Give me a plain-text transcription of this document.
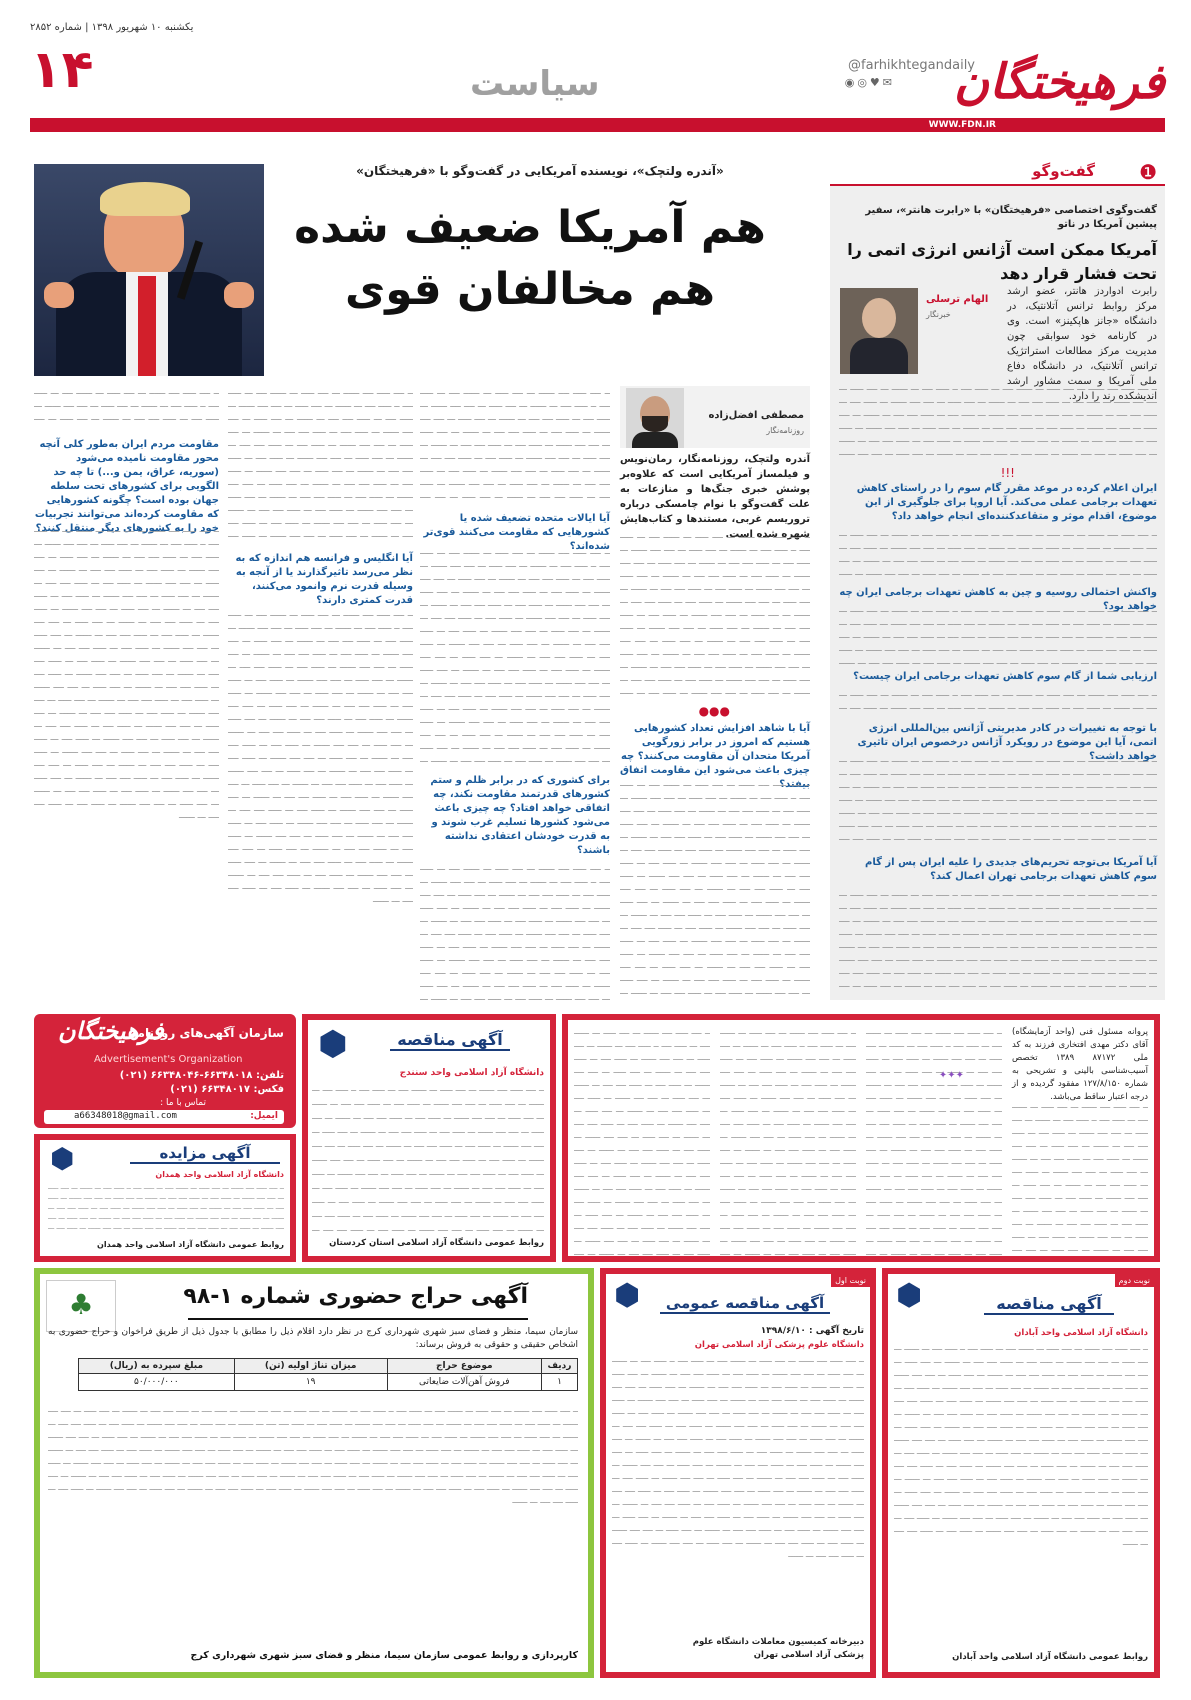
یکشنبه ۱۰ شهریور ۱۳۹۸ | شماره ۲۸۵۲
۱۴	سیاست	فرهیختگان
@farhikhtegandaily
◉◎♥✉
WWW.FDN.IR
گفت‌وگو ❶
گفت‌وگوی اختصاصی «فرهیختگان» با «رابرت هانتر»، سفیر پیشین آمریکا در ناتو
آمریکا ممکن است آژانس انرژی اتمی را تحت فشار قرار دهد
الهام ترسلی
خبرنگار
رابرت ادواردز هانتر، عضو ارشد مرکز روابط ترانس آتلانتیک، در دانشگاه «جانز هاپکینز» است. وی در کارنامه خود سوابقی چون مدیریت مرکز مطالعات استراتژیک ترانس آتلانتیک، در دانشگاه دفاع ملی آمریکا و سمت مشاور ارشد اندیشکده رند را دارد.
ــ ــــ ـــــ ــــ ــــــ ـــ ــــ ـــــ ـــ ــــــ ــــ ـــ ـــــ ــــ ــ ـــــ ــــ ـــ ــــــ ـــ ــــ ـــــ ـــ ــــ ــــ ــــــ ـــ ـــــ ــــ ـــ ـــــ ــــ ــــ ـــ ــــــ ـــ ــــ ـــــ ـــ ــــ ــــ ــــــ ـــ ـــــ ــــ ـــ ـــــ ــــ ــــ ـــ ــــــ ـــ ــــ ـــــ ـــ ــــ ــــ ــــــ ـــ ـــــ ــــ ـــ ـــــ ــــ ــــ ـــ ــــــ ـــ ــــ ـــــ ـــ ــــ ــــ ــــــ ـــ ـــــ ــــ ـــ ـــــ ــــ ــــ ـــ ــــــ ـــ ــــ ـــــ ـــ ــــ ــــ ــــــ ـــ ـــــ ــــ ـــ ـــــ ــــ ــــ ـــ ــــــ ـــ ــــ ـــــ ـــ ــــ ــــ ــــــ ـــ ـــــ ــــ ـــ ـــــ ــــ ــــ ـــ ــــــ ـــ ــــ ـــــ ـــ ــــ ــــ ــــــ ـــ ـــــ ــــ ـــ ـــــ ــــ ــــ ـــ ــــــ ـــ ــــ ـــــ ـــ ــــ ــــ ــــــ ـــ ـــــ ــــ ـــ ـــــ ــــ ــــ ـــ ــــــ ـــ ــــ ـــــ ـــ ــــ ــــ ــــــ ـــ ـــــ ــــ ـــ ـــــ ــــ ــــ ـــ ــــــ ـــ ــــ ـــــ ـــ ــــ ــــ ــــــ ـــ ـــــ ــــ ـــ ـــــ ــــ ــــ ـــ ــــــ ـــ ــــ ـــــ ـــ ــــ ــــ ــــــ ـــ ـــــ ــــ ـــ ـــــ ــــ ــــ ـــ ــــــ ـــ ــــ ـــــ ـــ ــــ ــــ ــــــ ـــ ـــــ ــــ ـــ ـــــ ــــ ــــ ـــ ــــــ ـــ ــــ ـــــ ـــ ــــ ــــ ــــــ ـــ ـــــ ــــ ـــ ـــــ ــــ ــــ ـــ ــــــ ـــ ــــ ـــــ ـــ ــــ ــــ ــــــ ـــ ـــــ ــــ ـــ ـــــ ــــ ــــ ـــ ــــــ ـــ ــــ ـــــ ـــ ــــ ــــ ــــــ ـــ ـــــ ــــ ـــ ـــــ ــــ ــــ ـــ ــــــ ـــ ــــ ـــــ ـــ ــــ ــــ ــــــ ـــ ـــــ ــــ ـــ ـــــ ــــ ــــ ـــ ــــــ ـــ ــــ ـــــ ـــ ــــ ــــ ــــــ ـــ ـــــ ــــ ـــ ـــــ ــــ ــــ ـــ ــــــ
!!!
ایران اعلام کرده در موعد مقرر گام سوم را در راستای کاهش تعهدات برجامی عملی می‌کند. آیا اروپا برای جلوگیری از این موضوع، اقدام موثر و متقاعدکننده‌ای انجام خواهد داد؟
ــ ــــ ـــــ ــــ ــــــ ـــ ــــ ـــــ ـــ ــــــ ــــ ـــ ـــــ ــــ ــ ـــــ ــــ ـــ ــــــ ـــ ــــ ـــــ ـــ ــــ ــــ ــــــ ـــ ـــــ ــــ ـــ ـــــ ــــ ــــ ـــ ــــــ ـــ ــــ ـــــ ـــ ــــ ــــ ــــــ ـــ ـــــ ــــ ـــ ـــــ ــــ ــــ ـــ ــــــ ـــ ــــ ـــــ ـــ ــــ ــــ ــــــ ـــ ـــــ ــــ ـــ ـــــ ــــ ــــ ـــ ــــــ ـــ ــــ ـــــ ـــ ــــ ــــ ــــــ ـــ ـــــ ــــ ـــ ـــــ ــــ ــــ ـــ ــــــ ـــ ــــ ـــــ ـــ ــــ ــــ ــــــ ـــ ـــــ ــــ ـــ ـــــ ــــ ــــ ـــ ــــــ ـــ ــــ ـــــ ـــ ــــ ــــ ــــــ ـــ ـــــ ــــ ـــ ـــــ ــــ ــــ ـــ ــــــ ـــ ــــ ـــــ ـــ ــــ ــــ ــــــ ـــ ـــــ ــــ ـــ ـــــ ــــ ــــ ـــ ــــــ ـــ ــــ ـــــ ـــ ــــ ــــ ــــــ ـــ ـــــ ــــ ـــ ـــــ ــــ ــــ ـــ ــــــ ـــ ــــ ـــــ ـــ ــــ ــــ ــــــ ـــ ـــــ ــــ ـــ ـــــ ــــ ــــ ـــ ــــــ ـــ ــــ ـــــ ـــ ــــ ــــ ــــــ ـــ ـــــ ــــ ـــ ـــــ ــــ ــــ ـــ ــــــ ـــ ــــ ـــــ ـــ ــــ ــــ ــــــ ـــ ـــــ ــــ ـــ ـــــ ــــ ــــ ـــ ــــــ ـــ ــــ ـــــ ـــ ــــ ــــ ــــــ ـــ ـــــ ــــ ـــ ـــــ ــــ ــــ ـــ ــــــ ـــ ــــ ـــــ ـــ ــــ ــــ ــــــ ـــ ـــــ ــــ ـــ ـــــ ــــ ــــ ـــ ــــــ ـــ ــــ ـــــ ـــ ــــ ــــ ــــــ ـــ ـــــ ــــ ـــ ـــــ ــــ ــــ ـــ ــــــ ـــ ــــ ـــــ ـــ ــــ ــــ ــــــ ـــ ـــــ ــــ ـــ ـــــ ــــ ــــ ـــ ــــــ ـــ ــــ ـــــ ـــ ــــ ــــ ــــــ ـــ ـــــ ــــ ـــ ـــــ ــــ ــــ ـــ ــــــ ـــ ــــ ـــــ ـــ ــــ ــــ ــــــ ـــ ـــــ ــــ ـــ ـــــ ــــ ــــ ـــ ــــــ
واکنش احتمالی روسیه و چین به کاهش تعهدات برجامی ایران چه خواهد بود؟
ــ ــــ ـــــ ــــ ــــــ ـــ ــــ ـــــ ـــ ــــــ ــــ ـــ ـــــ ــــ ــ ـــــ ــــ ـــ ــــــ ـــ ــــ ـــــ ـــ ــــ ــــ ــــــ ـــ ـــــ ــــ ـــ ـــــ ــــ ــــ ـــ ــــــ ـــ ــــ ـــــ ـــ ــــ ــــ ــــــ ـــ ـــــ ــــ ـــ ـــــ ــــ ــــ ـــ ــــــ ـــ ــــ ـــــ ـــ ــــ ــــ ــــــ ـــ ـــــ ــــ ـــ ـــــ ــــ ــــ ـــ ــــــ ـــ ــــ ـــــ ـــ ــــ ــــ ــــــ ـــ ـــــ ــــ ـــ ـــــ ــــ ــــ ـــ ــــــ ـــ ــــ ـــــ ـــ ــــ ــــ ــــــ ـــ ـــــ ــــ ـــ ـــــ ــــ ــــ ـــ ــــــ ـــ ــــ ـــــ ـــ ــــ ــــ ــــــ ـــ ـــــ ــــ ـــ ـــــ ــــ ــــ ـــ ــــــ ـــ ــــ ـــــ ـــ ــــ ــــ ــــــ ـــ ـــــ ــــ ـــ ـــــ ــــ ــــ ـــ ــــــ ـــ ــــ ـــــ ـــ ــــ ــــ ــــــ ـــ ـــــ ــــ ـــ ـــــ ــــ ــــ ـــ ــــــ ـــ ــــ ـــــ ـــ ــــ ــــ ــــــ ـــ ـــــ ــــ ـــ ـــــ ــــ ــــ ـــ ــــــ ـــ ــــ ـــــ ـــ ــــ ــــ ــــــ ـــ ـــــ ــــ ـــ ـــــ ــــ ــــ ـــ ــــــ ـــ ــــ ـــــ ـــ ــــ ــــ ــــــ ـــ ـــــ ــــ ـــ ـــــ ــــ ــــ ـــ ــــــ ـــ ــــ ـــــ ـــ ــــ ــــ ــــــ ـــ ـــــ ــــ ـــ ـــــ ــــ ــــ ـــ ــــــ ـــ ــــ ـــــ ـــ ــــ ــــ ــــــ ـــ ـــــ ــــ ـــ ـــــ ــــ ــــ ـــ ــــــ ـــ ــــ ـــــ ـــ ــــ ــــ ــــــ ـــ ـــــ ــــ ـــ ـــــ ــــ ــــ ـــ ــــــ ـــ ــــ ـــــ ـــ ــــ ــــ ــــــ ـــ ـــــ ــــ ـــ ـــــ ــــ ــــ ـــ ــــــ ـــ ــــ ـــــ ـــ ــــ ــــ ــــــ ـــ ـــــ ــــ ـــ ـــــ ــــ ــــ ـــ ــــــ ـــ ــــ ـــــ ـــ ــــ ــــ ــــــ ـــ ـــــ ــــ ـــ ـــــ ــــ ــــ ـــ ــــــ
ارزیابی شما از گام سوم کاهش تعهدات برجامی ایران چیست؟
ــ ــــ ـــــ ــــ ــــــ ـــ ــــ ـــــ ـــ ــــــ ــــ ـــ ـــــ ــــ ــ ـــــ ــــ ـــ ــــــ ـــ ــــ ـــــ ـــ ــــ ــــ ــــــ ـــ ـــــ ــــ ـــ ـــــ ــــ ــــ ـــ ــــــ ـــ ــــ ـــــ ـــ ــــ ــــ ــــــ ـــ ـــــ ــــ ـــ ـــــ ــــ ــــ ـــ ــــــ ـــ ــــ ـــــ ـــ ــــ ــــ ــــــ ـــ ـــــ ــــ ـــ ـــــ ــــ ــــ ـــ ــــــ ـــ ــــ ـــــ ـــ ــــ ــــ ــــــ ـــ ـــــ ــــ ـــ ـــــ ــــ ــــ ـــ ــــــ ـــ ــــ ـــــ ـــ ــــ ــــ ــــــ ـــ ـــــ ــــ ـــ ـــــ ــــ ــــ ـــ ــــــ ـــ ــــ ـــــ ـــ ــــ ــــ ــــــ ـــ ـــــ ــــ ـــ ـــــ ــــ ــــ ـــ ــــــ ـــ ــــ ـــــ ـــ ــــ ــــ ــــــ ـــ ـــــ ــــ ـــ ـــــ ــــ ــــ ـــ ــــــ ـــ ــــ ـــــ ـــ ــــ ــــ ــــــ ـــ ـــــ ــــ ـــ ـــــ ــــ ــــ ـــ ــــــ ـــ ــــ ـــــ ـــ ــــ ــــ ــــــ ـــ ـــــ ــــ ـــ ـــــ ــــ ــــ ـــ ــــــ ـــ ــــ ـــــ ـــ ــــ ــــ ــــــ ـــ ـــــ ــــ ـــ ـــــ ــــ ــــ ـــ ــــــ ـــ ــــ ـــــ ـــ ــــ ــــ ــــــ ـــ ـــــ ــــ ـــ ـــــ ــــ ــــ ـــ ــــــ ـــ ــــ ـــــ ـــ ــــ ــــ ــــــ ـــ ـــــ ــــ ـــ ـــــ ــــ ــــ ـــ ــــــ ـــ ــــ ـــــ ـــ ــــ ــــ ــــــ ـــ ـــــ ــــ ـــ ـــــ ــــ ــــ ـــ ــــــ ـــ ــــ ـــــ ـــ ــــ ــــ ــــــ ـــ ـــــ ــــ ـــ ـــــ ــــ ــــ ـــ ــــــ ـــ ــــ ـــــ ـــ ــــ ــــ ــــــ ـــ ـــــ ــــ ـــ ـــــ ــــ ــــ ـــ ــــــ ـــ ــــ ـــــ ـــ ــــ ــــ ــــــ ـــ ـــــ ــــ ـــ ـــــ ــــ ــــ ـــ ــــــ ـــ ــــ ـــــ ـــ ــــ ــــ ــــــ ـــ ـــــ ــــ ـــ ـــــ ــــ ــــ ـــ ــــــ
با توجه به تغییرات در کادر مدیریتی آژانس بین‌المللی انرژی اتمی، آیا این موضوع در رویکرد آژانس درخصوص ایران تاثیری خواهد داشت؟
ــ ــــ ـــــ ــــ ــــــ ـــ ــــ ـــــ ـــ ــــــ ــــ ـــ ـــــ ــــ ــ ـــــ ــــ ـــ ــــــ ـــ ــــ ـــــ ـــ ــــ ــــ ــــــ ـــ ـــــ ــــ ـــ ـــــ ــــ ــــ ـــ ــــــ ـــ ــــ ـــــ ـــ ــــ ــــ ــــــ ـــ ـــــ ــــ ـــ ـــــ ــــ ــــ ـــ ــــــ ـــ ــــ ـــــ ـــ ــــ ــــ ــــــ ـــ ـــــ ــــ ـــ ـــــ ــــ ــــ ـــ ــــــ ـــ ــــ ـــــ ـــ ــــ ــــ ــــــ ـــ ـــــ ــــ ـــ ـــــ ــــ ــــ ـــ ــــــ ـــ ــــ ـــــ ـــ ــــ ــــ ــــــ ـــ ـــــ ــــ ـــ ـــــ ــــ ــــ ـــ ــــــ ـــ ــــ ـــــ ـــ ــــ ــــ ــــــ ـــ ـــــ ــــ ـــ ـــــ ــــ ــــ ـــ ــــــ ـــ ــــ ـــــ ـــ ــــ ــــ ــــــ ـــ ـــــ ــــ ـــ ـــــ ــــ ــــ ـــ ــــــ ـــ ــــ ـــــ ـــ ــــ ــــ ــــــ ـــ ـــــ ــــ ـــ ـــــ ــــ ــــ ـــ ــــــ ـــ ــــ ـــــ ـــ ــــ ــــ ــــــ ـــ ـــــ ــــ ـــ ـــــ ــــ ــــ ـــ ــــــ ـــ ــــ ـــــ ـــ ــــ ــــ ــــــ ـــ ـــــ ــــ ـــ ـــــ ــــ ــــ ـــ ــــــ ـــ ــــ ـــــ ـــ ــــ ــــ ــــــ ـــ ـــــ ــــ ـــ ـــــ ــــ ــــ ـــ ــــــ ـــ ــــ ـــــ ـــ ــــ ــــ ــــــ ـــ ـــــ ــــ ـــ ـــــ ــــ ــــ ـــ ــــــ ـــ ــــ ـــــ ـــ ــــ ــــ ــــــ ـــ ـــــ ــــ ـــ ـــــ ــــ ــــ ـــ ــــــ ـــ ــــ ـــــ ـــ ــــ ــــ ــــــ ـــ ـــــ ــــ ـــ ـــــ ــــ ــــ ـــ ــــــ ـــ ــــ ـــــ ـــ ــــ ــــ ــــــ ـــ ـــــ ــــ ـــ ـــــ ــــ ــــ ـــ ــــــ ـــ ــــ ـــــ ـــ ــــ ــــ ــــــ ـــ ـــــ ــــ ـــ ـــــ ــــ ــــ ـــ ــــــ ـــ ــــ ـــــ ـــ ــــ ــــ ــــــ ـــ ـــــ ــــ ـــ ـــــ ــــ ــــ ـــ ــــــ
آیا آمریکا بی‌توجه تحریم‌های جدیدی را علیه ایران پس از گام سوم کاهش تعهدات برجامی تهران اعمال کند؟
ــ ــــ ـــــ ــــ ــــــ ـــ ــــ ـــــ ـــ ــــــ ــــ ـــ ـــــ ــــ ــ ـــــ ــــ ـــ ــــــ ـــ ــــ ـــــ ـــ ــــ ــــ ــــــ ـــ ـــــ ــــ ـــ ـــــ ــــ ــــ ـــ ــــــ ـــ ــــ ـــــ ـــ ــــ ــــ ــــــ ـــ ـــــ ــــ ـــ ـــــ ــــ ــــ ـــ ــــــ ـــ ــــ ـــــ ـــ ــــ ــــ ــــــ ـــ ـــــ ــــ ـــ ـــــ ــــ ــــ ـــ ــــــ ـــ ــــ ـــــ ـــ ــــ ــــ ــــــ ـــ ـــــ ــــ ـــ ـــــ ــــ ــــ ـــ ــــــ ـــ ــــ ـــــ ـــ ــــ ــــ ــــــ ـــ ـــــ ــــ ـــ ـــــ ــــ ــــ ـــ ــــــ ـــ ــــ ـــــ ـــ ــــ ــــ ــــــ ـــ ـــــ ــــ ـــ ـــــ ــــ ــــ ـــ ــــــ ـــ ــــ ـــــ ـــ ــــ ــــ ــــــ ـــ ـــــ ــــ ـــ ـــــ ــــ ــــ ـــ ــــــ ـــ ــــ ـــــ ـــ ــــ ــــ ــــــ ـــ ـــــ ــــ ـــ ـــــ ــــ ــــ ـــ ــــــ ـــ ــــ ـــــ ـــ ــــ ــــ ــــــ ـــ ـــــ ــــ ـــ ـــــ ــــ ــــ ـــ ــــــ ـــ ــــ ـــــ ـــ ــــ ــــ ــــــ ـــ ـــــ ــــ ـــ ـــــ ــــ ــــ ـــ ــــــ ـــ ــــ ـــــ ـــ ــــ ــــ ــــــ ـــ ـــــ ــــ ـــ ـــــ ــــ ــــ ـــ ــــــ ـــ ــــ ـــــ ـــ ــــ ــــ ــــــ ـــ ـــــ ــــ ـــ ـــــ ــــ ــــ ـــ ــــــ ـــ ــــ ـــــ ـــ ــــ ــــ ــــــ ـــ ـــــ ــــ ـــ ـــــ ــــ ــــ ـــ ــــــ ـــ ــــ ـــــ ـــ ــــ ــــ ــــــ ـــ ـــــ ــــ ـــ ـــــ ــــ ــــ ـــ ــــــ ـــ ــــ ـــــ ـــ ــــ ــــ ــــــ ـــ ـــــ ــــ ـــ ـــــ ــــ ــــ ـــ ــــــ ـــ ــــ ـــــ ـــ ــــ ــــ ــــــ ـــ ـــــ ــــ ـــ ـــــ ــــ ــــ ـــ ــــــ ـــ ــــ ـــــ ـــ ــــ ــــ ــــــ ـــ ـــــ ــــ ـــ ـــــ ــــ ــــ ـــ ــــــ
«آندره ولتچک»، نویسنده آمریکایی در گفت‌وگو با «فرهیختگان»
هم آمریکا ضعیف شده
هم مخالفان قوی
مصطفی افضل‌زاده
روزنامه‌نگار
آندره ولتچک، روزنامه‌نگار، رمان‌نویس و فیلمساز آمریکایی است که علاوه‌بر پوشش خبری جنگ‌ها و منازعات به علت گفت‌وگو با نوام چامسکی درباره تروریسم غربی، مستندها و کتاب‌هایش شهره شده است.
ــ ــــ ـــــ ــــ ــــــ ـــ ــــ ـــــ ـــ ــــــ ــــ ـــ ـــــ ــــ ــ ـــــ ــــ ـــ ــــــ ـــ ــــ ـــــ ـــ ــــ ــــ ــــــ ـــ ـــــ ــــ ـــ ـــــ ــــ ــــ ـــ ــــــ ـــ ــــ ـــــ ـــ ــــ ــــ ــــــ ـــ ـــــ ــــ ـــ ـــــ ــــ ــــ ـــ ــــــ ـــ ــــ ـــــ ـــ ــــ ــــ ــــــ ـــ ـــــ ــــ ـــ ـــــ ــــ ــــ ـــ ــــــ ـــ ــــ ـــــ ـــ ــــ ــــ ــــــ ـــ ـــــ ــــ ـــ ـــــ ــــ ــــ ـــ ــــــ ـــ ــــ ـــــ ـــ ــــ ــــ ــــــ ـــ ـــــ ــــ ـــ ـــــ ــــ ــــ ـــ ــــــ ـــ ــــ ـــــ ـــ ــــ ــــ ــــــ ـــ ـــــ ــــ ـــ ـــــ ــــ ــــ ـــ ــــــ ـــ ــــ ـــــ ـــ ــــ ــــ ــــــ ـــ ـــــ ــــ ـــ ـــــ ــــ ــــ ـــ ــــــ ـــ ــــ ـــــ ـــ ــــ ــــ ــــــ ـــ ـــــ ــــ ـــ ـــــ ــــ ــــ ـــ ــــــ ـــ ــــ ـــــ ـــ ــــ ــــ ــــــ ـــ ـــــ ــــ ـــ ـــــ ــــ ــــ ـــ ــــــ ـــ ــــ ـــــ ـــ ــــ ــــ ــــــ ـــ ـــــ ــــ ـــ ـــــ ــــ ــــ ـــ ــــــ ـــ ــــ ـــــ ـــ ــــ ــــ ــــــ ـــ ـــــ ــــ ـــ ـــــ ــــ ــــ ـــ ــــــ ـــ ــــ ـــــ ـــ ــــ ــــ ــــــ ـــ ـــــ ــــ ـــ ـــــ ــــ ــــ ـــ ــــــ ـــ ــــ ـــــ ـــ ــــ ــــ ــــــ ـــ ـــــ ــــ ـــ ـــــ ــــ ــــ ـــ ــــــ ـــ ــــ ـــــ ـــ ــــ ــــ ــــــ ـــ ـــــ ــــ ـــ ـــــ ــــ ــــ ـــ ــــــ ـــ ــــ ـــــ ـــ ــــ ــــ ــــــ ـــ ـــــ ــــ ـــ ـــــ ــــ ــــ ـــ ــــــ ـــ ــــ ـــــ ـــ ــــ ــــ ــــــ ـــ ـــــ ــــ ـــ ـــــ ــــ ــــ ـــ ــــــ ـــ ــــ ـــــ ـــ ــــ ــــ ــــــ ـــ ـــــ ــــ ـــ ـــــ ــــ ــــ ـــ ــــــ
●●●
آیا با شاهد افزایش تعداد کشورهایی هستیم که امروز در برابر زورگویی آمریکا متحدان آن مقاومت می‌کنند؟ چه چیزی باعث می‌شود این مقاومت اتفاق بیفتد؟
ــ ــــ ـــــ ــــ ــــــ ـــ ــــ ـــــ ـــ ــــــ ــــ ـــ ـــــ ــــ ــ ـــــ ــــ ـــ ــــــ ـــ ــــ ـــــ ـــ ــــ ــــ ــــــ ـــ ـــــ ــــ ـــ ـــــ ــــ ــــ ـــ ــــــ ـــ ــــ ـــــ ـــ ــــ ــــ ــــــ ـــ ـــــ ــــ ـــ ـــــ ــــ ــــ ـــ ــــــ ـــ ــــ ـــــ ـــ ــــ ــــ ــــــ ـــ ـــــ ــــ ـــ ـــــ ــــ ــــ ـــ ــــــ ـــ ــــ ـــــ ـــ ــــ ــــ ــــــ ـــ ـــــ ــــ ـــ ـــــ ــــ ــــ ـــ ــــــ ـــ ــــ ـــــ ـــ ــــ ــــ ــــــ ـــ ـــــ ــــ ـــ ـــــ ــــ ــــ ـــ ــــــ ـــ ــــ ـــــ ـــ ــــ ــــ ــــــ ـــ ـــــ ــــ ـــ ـــــ ــــ ــــ ـــ ــــــ ـــ ــــ ـــــ ـــ ــــ ــــ ــــــ ـــ ـــــ ــــ ـــ ـــــ ــــ ــــ ـــ ــــــ ـــ ــــ ـــــ ـــ ــــ ــــ ــــــ ـــ ـــــ ــــ ـــ ـــــ ــــ ــــ ـــ ــــــ ـــ ــــ ـــــ ـــ ــــ ــــ ــــــ ـــ ـــــ ــــ ـــ ـــــ ــــ ــــ ـــ ــــــ ـــ ــــ ـــــ ـــ ــــ ــــ ــــــ ـــ ـــــ ــــ ـــ ـــــ ــــ ــــ ـــ ــــــ ـــ ــــ ـــــ ـــ ــــ ــــ ــــــ ـــ ـــــ ــــ ـــ ـــــ ــــ ــــ ـــ ــــــ ـــ ــــ ـــــ ـــ ــــ ــــ ــــــ ـــ ـــــ ــــ ـــ ـــــ ــــ ــــ ـــ ــــــ ـــ ــــ ـــــ ـــ ــــ ــــ ــــــ ـــ ـــــ ــــ ـــ ـــــ ــــ ــــ ـــ ــــــ ـــ ــــ ـــــ ـــ ــــ ــــ ــــــ ـــ ـــــ ــــ ـــ ـــــ ــــ ــــ ـــ ــــــ ـــ ــــ ـــــ ـــ ــــ ــــ ــــــ ـــ ـــــ ــــ ـــ ـــــ ــــ ــــ ـــ ــــــ ـــ ــــ ـــــ ـــ ــــ ــــ ــــــ ـــ ـــــ ــــ ـــ ـــــ ــــ ــــ ـــ ــــــ ـــ ــــ ـــــ ـــ ــــ ــــ ــــــ ـــ ـــــ ــــ ـــ ـــــ ــــ ــــ ـــ ــــــ
ــ ــــ ـــــ ــــ ــــــ ـــ ــــ ـــــ ـــ ــــــ ــــ ـــ ـــــ ــــ ــ ـــــ ــــ ـــ ــــــ ـــ ــــ ـــــ ـــ ــــ ــــ ــــــ ـــ ـــــ ــــ ـــ ـــــ ــــ ــــ ـــ ــــــ ـــ ــــ ـــــ ـــ ــــ ــــ ــــــ ـــ ـــــ ــــ ـــ ـــــ ــــ ــــ ـــ ــــــ ـــ ــــ ـــــ ـــ ــــ ــــ ــــــ ـــ ـــــ ــــ ـــ ـــــ ــــ ــــ ـــ ــــــ ـــ ــــ ـــــ ـــ ــــ ــــ ــــــ ـــ ـــــ ــــ ـــ ـــــ ــــ ــــ ـــ ــــــ ـــ ــــ ـــــ ـــ ــــ ــــ ــــــ ـــ ـــــ ــــ ـــ ـــــ ــــ ــــ ـــ ــــــ ـــ ــــ ـــــ ـــ ــــ ــــ ــــــ ـــ ـــــ ــــ ـــ ـــــ ــــ ــــ ـــ ــــــ ـــ ــــ ـــــ ـــ ــــ ــــ ــــــ ـــ ـــــ ــــ ـــ ـــــ ــــ ــــ ـــ ــــــ ـــ ــــ ـــــ ـــ ــــ ــــ ــــــ ـــ ـــــ ــــ ـــ ـــــ ــــ ــــ ـــ ــــــ ـــ ــــ ـــــ ـــ ــــ ــــ ــــــ ـــ ـــــ ــــ ـــ ـــــ ــــ ــــ ـــ ــــــ ـــ ــــ ـــــ ـــ ــــ ــــ ــــــ ـــ ـــــ ــــ ـــ ـــــ ــــ ــــ ـــ ــــــ ـــ ــــ ـــــ ـــ ــــ ــــ ــــــ ـــ ـــــ ــــ ـــ ـــــ ــــ ــــ ـــ ــــــ ـــ ــــ ـــــ ـــ ــــ ــــ ــــــ ـــ ـــــ ــــ ـــ ـــــ ــــ ــــ ـــ ــــــ ـــ ــــ ـــــ ـــ ــــ ــــ ــــــ ـــ ـــــ ــــ ـــ ـــــ ــــ ــــ ـــ ــــــ ـــ ــــ ـــــ ـــ ــــ ــــ ــــــ ـــ ـــــ ــــ ـــ ـــــ ــــ ــــ ـــ ــــــ ـــ ــــ ـــــ ـــ ــــ ــــ ــــــ ـــ ـــــ ــــ ـــ ـــــ ــــ ــــ ـــ ــــــ ـــ ــــ ـــــ ـــ ــــ ــــ ــــــ ـــ ـــــ ــــ ـــ ـــــ ــــ ــــ ـــ ــــــ ـــ ــــ ـــــ ـــ ــــ ــــ ــــــ ـــ ـــــ ــــ ـــ ـــــ ــــ ــــ ـــ ــــــ
آیا ایالات متحده تضعیف شده یا کشورهایی که مقاومت می‌کنند قوی‌تر شده‌اند؟
ــ ــــ ـــــ ــــ ــــــ ـــ ــــ ـــــ ـــ ــــــ ــــ ـــ ـــــ ــــ ــ ـــــ ــــ ـــ ــــــ ـــ ــــ ـــــ ـــ ــــ ــــ ــــــ ـــ ـــــ ــــ ـــ ـــــ ــــ ــــ ـــ ــــــ ـــ ــــ ـــــ ـــ ــــ ــــ ــــــ ـــ ـــــ ــــ ـــ ـــــ ــــ ــــ ـــ ــــــ ـــ ــــ ـــــ ـــ ــــ ــــ ــــــ ـــ ـــــ ــــ ـــ ـــــ ــــ ــــ ـــ ــــــ ـــ ــــ ـــــ ـــ ــــ ــــ ــــــ ـــ ـــــ ــــ ـــ ـــــ ــــ ــــ ـــ ــــــ ـــ ــــ ـــــ ـــ ــــ ــــ ــــــ ـــ ـــــ ــــ ـــ ـــــ ــــ ــــ ـــ ــــــ ـــ ــــ ـــــ ـــ ــــ ــــ ــــــ ـــ ـــــ ــــ ـــ ـــــ ــــ ــــ ـــ ــــــ ـــ ــــ ـــــ ـــ ــــ ــــ ــــــ ـــ ـــــ ــــ ـــ ـــــ ــــ ــــ ـــ ــــــ ـــ ــــ ـــــ ـــ ــــ ــــ ــــــ ـــ ـــــ ــــ ـــ ـــــ ــــ ــــ ـــ ــــــ ـــ ــــ ـــــ ـــ ــــ ــــ ــــــ ـــ ـــــ ــــ ـــ ـــــ ــــ ــــ ـــ ــــــ ـــ ــــ ـــــ ـــ ــــ ــــ ــــــ ـــ ـــــ ــــ ـــ ـــــ ــــ ــــ ـــ ــــــ ـــ ــــ ـــــ ـــ ــــ ــــ ــــــ ـــ ـــــ ــــ ـــ ـــــ ــــ ــــ ـــ ــــــ ـــ ــــ ـــــ ـــ ــــ ــــ ــــــ ـــ ـــــ ــــ ـــ ـــــ ــــ ــــ ـــ ــــــ ـــ ــــ ـــــ ـــ ــــ ــــ ــــــ ـــ ـــــ ــــ ـــ ـــــ ــــ ــــ ـــ ــــــ ـــ ــــ ـــــ ـــ ــــ ــــ ــــــ ـــ ـــــ ــــ ـــ ـــــ ــــ ــــ ـــ ــــــ ـــ ــــ ـــــ ـــ ــــ ــــ ــــــ ـــ ـــــ ــــ ـــ ـــــ ــــ ــــ ـــ ــــــ ـــ ــــ ـــــ ـــ ــــ ــــ ــــــ ـــ ـــــ ــــ ـــ ـــــ ــــ ــــ ـــ ــــــ ـــ ــــ ـــــ ـــ ــــ ــــ ــــــ ـــ ـــــ ــــ ـــ ـــــ ــــ ــــ ـــ ــــــ
برای کشوری که در برابر ظلم و ستم کشورهای قدرتمند مقاومت نکند، چه اتفاقی خواهد افتاد؟ چه چیزی باعث می‌شود کشورها تسلیم غرب شوند و به قدرت خودشان اعتقادی نداشته باشند؟
ــ ــــ ـــــ ــــ ــــــ ـــ ــــ ـــــ ـــ ــــــ ــــ ـــ ـــــ ــــ ــ ـــــ ــــ ـــ ــــــ ـــ ــــ ـــــ ـــ ــــ ــــ ــــــ ـــ ـــــ ــــ ـــ ـــــ ــــ ــــ ـــ ــــــ ـــ ــــ ـــــ ـــ ــــ ــــ ــــــ ـــ ـــــ ــــ ـــ ـــــ ــــ ــــ ـــ ــــــ ـــ ــــ ـــــ ـــ ــــ ــــ ــــــ ـــ ـــــ ــــ ـــ ـــــ ــــ ــــ ـــ ــــــ ـــ ــــ ـــــ ـــ ــــ ــــ ــــــ ـــ ـــــ ــــ ـــ ـــــ ــــ ــــ ـــ ــــــ ـــ ــــ ـــــ ـــ ــــ ــــ ــــــ ـــ ـــــ ــــ ـــ ـــــ ــــ ــــ ـــ ــــــ ـــ ــــ ـــــ ـــ ــــ ــــ ــــــ ـــ ـــــ ــــ ـــ ـــــ ــــ ــــ ـــ ــــــ ـــ ــــ ـــــ ـــ ــــ ــــ ــــــ ـــ ـــــ ــــ ـــ ـــــ ــــ ــــ ـــ ــــــ ـــ ــــ ـــــ ـــ ــــ ــــ ــــــ ـــ ـــــ ــــ ـــ ـــــ ــــ ــــ ـــ ــــــ ـــ ــــ ـــــ ـــ ــــ ــــ ــــــ ـــ ـــــ ــــ ـــ ـــــ ــــ ــــ ـــ ــــــ ـــ ــــ ـــــ ـــ ــــ ــــ ــــــ ـــ ـــــ ــــ ـــ ـــــ ــــ ــــ ـــ ــــــ ـــ ــــ ـــــ ـــ ــــ ــــ ــــــ ـــ ـــــ ــــ ـــ ـــــ ــــ ــــ ـــ ــــــ ـــ ــــ ـــــ ـــ ــــ ــــ ــــــ ـــ ـــــ ــــ ـــ ـــــ ــــ ــــ ـــ ــــــ ـــ ــــ ـــــ ـــ ــــ ــــ ــــــ ـــ ـــــ ــــ ـــ ـــــ ــــ ــــ ـــ ــــــ ـــ ــــ ـــــ ـــ ــــ ــــ ــــــ ـــ ـــــ ــــ ـــ ـــــ ــــ ــــ ـــ ــــــ ـــ ــــ ـــــ ـــ ــــ ــــ ــــــ ـــ ـــــ ــــ ـــ ـــــ ــــ ــــ ـــ ــــــ ـــ ــــ ـــــ ـــ ــــ ــــ ــــــ ـــ ـــــ ــــ ـــ ـــــ ــــ ــــ ـــ ــــــ ـــ ــــ ـــــ ـــ ــــ ــــ ــــــ ـــ ـــــ ــــ ـــ ـــــ ــــ ــــ ـــ ــــــ
ــ ــــ ـــــ ــــ ــــــ ـــ ــــ ـــــ ـــ ــــــ ــــ ـــ ـــــ ــــ ــ ـــــ ــــ ـــ ــــــ ـــ ــــ ـــــ ـــ ــــ ــــ ــــــ ـــ ـــــ ــــ ـــ ـــــ ــــ ــــ ـــ ــــــ ـــ ــــ ـــــ ـــ ــــ ــــ ــــــ ـــ ـــــ ــــ ـــ ـــــ ــــ ــــ ـــ ــــــ ـــ ــــ ـــــ ـــ ــــ ــــ ــــــ ـــ ـــــ ــــ ـــ ـــــ ــــ ــــ ـــ ــــــ ـــ ــــ ـــــ ـــ ــــ ــــ ــــــ ـــ ـــــ ــــ ـــ ـــــ ــــ ــــ ـــ ــــــ ـــ ــــ ـــــ ـــ ــــ ــــ ــــــ ـــ ـــــ ــــ ـــ ـــــ ــــ ــــ ـــ ــــــ ـــ ــــ ـــــ ـــ ــــ ــــ ــــــ ـــ ـــــ ــــ ـــ ـــــ ــــ ــــ ـــ ــــــ ـــ ــــ ـــــ ـــ ــــ ــــ ــــــ ـــ ـــــ ــــ ـــ ـــــ ــــ ــــ ـــ ــــــ ـــ ــــ ـــــ ـــ ــــ ــــ ــــــ ـــ ـــــ ــــ ـــ ـــــ ــــ ــــ ـــ ــــــ ـــ ــــ ـــــ ـــ ــــ ــــ ــــــ ـــ ـــــ ــــ ـــ ـــــ ــــ ــــ ـــ ــــــ ـــ ــــ ـــــ ـــ ــــ ــــ ــــــ ـــ ـــــ ــــ ـــ ـــــ ــــ ــــ ـــ ــــــ ـــ ــــ ـــــ ـــ ــــ ــــ ــــــ ـــ ـــــ ــــ ـــ ـــــ ــــ ــــ ـــ ــــــ ـــ ــــ ـــــ ـــ ــــ ــــ ــــــ ـــ ـــــ ــــ ـــ ـــــ ــــ ــــ ـــ ــــــ ـــ ــــ ـــــ ـــ ــــ ــــ ــــــ ـــ ـــــ ــــ ـــ ـــــ ــــ ــــ ـــ ــــــ ـــ ــــ ـــــ ـــ ــــ ــــ ــــــ ـــ ـــــ ــــ ـــ ـــــ ــــ ــــ ـــ ــــــ ـــ ــــ ـــــ ـــ ــــ ــــ ــــــ ـــ ـــــ ــــ ـــ ـــــ ــــ ــــ ـــ ــــــ ـــ ــــ ـــــ ـــ ــــ ــــ ــــــ ـــ ـــــ ــــ ـــ ـــــ ــــ ــــ ـــ ــــــ ـــ ــــ ـــــ ـــ ــــ ــــ ــــــ ـــ ـــــ ــــ ـــ ـــــ ــــ ــــ ـــ ــــــ
آیا انگلیس و فرانسه هم اندازه که به نظر می‌رسد تاثیرگذارند یا از آنجه به وسیله قدرت نرم وانمود می‌کنند، قدرت کمتری دارند؟
ــ ــــ ـــــ ــــ ــــــ ـــ ــــ ـــــ ـــ ــــــ ــــ ـــ ـــــ ــــ ــ ـــــ ــــ ـــ ــــــ ـــ ــــ ـــــ ـــ ــــ ــــ ــــــ ـــ ـــــ ــــ ـــ ـــــ ــــ ــــ ـــ ــــــ ـــ ــــ ـــــ ـــ ــــ ــــ ــــــ ـــ ـــــ ــــ ـــ ـــــ ــــ ــــ ـــ ــــــ ـــ ــــ ـــــ ـــ ــــ ــــ ــــــ ـــ ـــــ ــــ ـــ ـــــ ــــ ــــ ـــ ــــــ ـــ ــــ ـــــ ـــ ــــ ــــ ــــــ ـــ ـــــ ــــ ـــ ـــــ ــــ ــــ ـــ ــــــ ـــ ــــ ـــــ ـــ ــــ ــــ ــــــ ـــ ـــــ ــــ ـــ ـــــ ــــ ــــ ـــ ــــــ ـــ ــــ ـــــ ـــ ــــ ــــ ــــــ ـــ ـــــ ــــ ـــ ـــــ ــــ ــــ ـــ ــــــ ـــ ــــ ـــــ ـــ ــــ ــــ ــــــ ـــ ـــــ ــــ ـــ ـــــ ــــ ــــ ـــ ــــــ ـــ ــــ ـــــ ـــ ــــ ــــ ــــــ ـــ ـــــ ــــ ـــ ـــــ ــــ ــــ ـــ ــــــ ـــ ــــ ـــــ ـــ ــــ ــــ ــــــ ـــ ـــــ ــــ ـــ ـــــ ــــ ــــ ـــ ــــــ ـــ ــــ ـــــ ـــ ــــ ــــ ــــــ ـــ ـــــ ــــ ـــ ـــــ ــــ ــــ ـــ ــــــ ـــ ــــ ـــــ ـــ ــــ ــــ ــــــ ـــ ـــــ ــــ ـــ ـــــ ــــ ــــ ـــ ــــــ ـــ ــــ ـــــ ـــ ــــ ــــ ــــــ ـــ ـــــ ــــ ـــ ـــــ ــــ ــــ ـــ ــــــ ـــ ــــ ـــــ ـــ ــــ ــــ ــــــ ـــ ـــــ ــــ ـــ ـــــ ــــ ــــ ـــ ــــــ ـــ ــــ ـــــ ـــ ــــ ــــ ــــــ ـــ ـــــ ــــ ـــ ـــــ ــــ ــــ ـــ ــــــ ـــ ــــ ـــــ ـــ ــــ ــــ ــــــ ـــ ـــــ ــــ ـــ ـــــ ــــ ــــ ـــ ــــــ ـــ ــــ ـــــ ـــ ــــ ــــ ــــــ ـــ ـــــ ــــ ـــ ـــــ ــــ ــــ ـــ ــــــ ـــ ــــ ـــــ ـــ ــــ ــــ ــــــ ـــ ـــــ ــــ ـــ ـــــ ــــ ــــ ـــ ــــــ
ــ ــــ ـــــ ــــ ــــــ ـــ ــــ ـــــ ـــ ــــــ ــــ ـــ ـــــ ــــ ــ ـــــ ــــ ـــ ــــــ ـــ ــــ ـــــ ـــ ــــ ــــ ــــــ ـــ ـــــ ــــ ـــ ـــــ ــــ ــــ ـــ ــــــ ـــ ــــ ـــــ ـــ ــــ ــــ ــــــ ـــ ـــــ ــــ ـــ ـــــ ــــ ــــ ـــ ــــــ ـــ ــــ ـــــ ـــ ــــ ــــ ــــــ ـــ ـــــ ــــ ـــ ـــــ ــــ ــــ ـــ ــــــ ـــ ــــ ـــــ ـــ ــــ ــــ ــــــ ـــ ـــــ ــــ ـــ ـــــ ــــ ــــ ـــ ــــــ ـــ ــــ ـــــ ـــ ــــ ــــ ــــــ ـــ ـــــ ــــ ـــ ـــــ ــــ ــــ ـــ ــــــ ـــ ــــ ـــــ ـــ ــــ ــــ ــــــ ـــ ـــــ ــــ ـــ ـــــ ــــ ــــ ـــ ــــــ ـــ ــــ ـــــ ـــ ــــ ــــ ــــــ ـــ ـــــ ــــ ـــ ـــــ ــــ ــــ ـــ ــــــ ـــ ــــ ـــــ ـــ ــــ ــــ ــــــ ـــ ـــــ ــــ ـــ ـــــ ــــ ــــ ـــ ــــــ ـــ ــــ ـــــ ـــ ــــ ــــ ــــــ ـــ ـــــ ــــ ـــ ـــــ ــــ ــــ ـــ ــــــ ـــ ــــ ـــــ ـــ ــــ ــــ ــــــ ـــ ـــــ ــــ ـــ ـــــ ــــ ــــ ـــ ــــــ ـــ ــــ ـــــ ـــ ــــ ــــ ــــــ ـــ ـــــ ــــ ـــ ـــــ ــــ ــــ ـــ ــــــ ـــ ــــ ـــــ ـــ ــــ ــــ ــــــ ـــ ـــــ ــــ ـــ ـــــ ــــ ــــ ـــ ــــــ ـــ ــــ ـــــ ـــ ــــ ــــ ــــــ ـــ ـــــ ــــ ـــ ـــــ ــــ ــــ ـــ ــــــ ـــ ــــ ـــــ ـــ ــــ ــــ ــــــ ـــ ـــــ ــــ ـــ ـــــ ــــ ــــ ـــ ــــــ ـــ ــــ ـــــ ـــ ــــ ــــ ــــــ ـــ ـــــ ــــ ـــ ـــــ ــــ ــــ ـــ ــــــ ـــ ــــ ـــــ ـــ ــــ ــــ ــــــ ـــ ـــــ ــــ ـــ ـــــ ــــ ــــ ـــ ــــــ ـــ ــــ ـــــ ـــ ــــ ــــ ــــــ ـــ ـــــ ــــ ـــ ـــــ ــــ ــــ ـــ ــــــ
مقاومت مردم ایران به‌طور کلی آنچه محور مقاومت نامیده می‌شود (سوریه، عراق، یمن و...) تا چه حد الگویی برای کشورهای تحت سلطه جهان بوده است؟ چگونه کشورهایی که مقاومت کرده‌اند می‌توانند تجربیات خود را به کشورهای دیگر منتقل کنند؟
ــ ــــ ـــــ ــــ ــــــ ـــ ــــ ـــــ ـــ ــــــ ــــ ـــ ـــــ ــــ ــ ـــــ ــــ ـــ ــــــ ـــ ــــ ـــــ ـــ ــــ ــــ ــــــ ـــ ـــــ ــــ ـــ ـــــ ــــ ــــ ـــ ــــــ ـــ ــــ ـــــ ـــ ــــ ــــ ــــــ ـــ ـــــ ــــ ـــ ـــــ ــــ ــــ ـــ ــــــ ـــ ــــ ـــــ ـــ ــــ ــــ ــــــ ـــ ـــــ ــــ ـــ ـــــ ــــ ــــ ـــ ــــــ ـــ ــــ ـــــ ـــ ــــ ــــ ــــــ ـــ ـــــ ــــ ـــ ـــــ ــــ ــــ ـــ ــــــ ـــ ــــ ـــــ ـــ ــــ ــــ ــــــ ـــ ـــــ ــــ ـــ ـــــ ــــ ــــ ـــ ــــــ ـــ ــــ ـــــ ـــ ــــ ــــ ــــــ ـــ ـــــ ــــ ـــ ـــــ ــــ ــــ ـــ ــــــ ـــ ــــ ـــــ ـــ ــــ ــــ ــــــ ـــ ـــــ ــــ ـــ ـــــ ــــ ــــ ـــ ــــــ ـــ ــــ ـــــ ـــ ــــ ــــ ــــــ ـــ ـــــ ــــ ـــ ـــــ ــــ ــــ ـــ ــــــ ـــ ــــ ـــــ ـــ ــــ ــــ ــــــ ـــ ـــــ ــــ ـــ ـــــ ــــ ــــ ـــ ــــــ ـــ ــــ ـــــ ـــ ــــ ــــ ــــــ ـــ ـــــ ــــ ـــ ـــــ ــــ ــــ ـــ ــــــ ـــ ــــ ـــــ ـــ ــــ ــــ ــــــ ـــ ـــــ ــــ ـــ ـــــ ــــ ــــ ـــ ــــــ ـــ ــــ ـــــ ـــ ــــ ــــ ــــــ ـــ ـــــ ــــ ـــ ـــــ ــــ ــــ ـــ ــــــ ـــ ــــ ـــــ ـــ ــــ ــــ ــــــ ـــ ـــــ ــــ ـــ ـــــ ــــ ــــ ـــ ــــــ ـــ ــــ ـــــ ـــ ــــ ــــ ــــــ ـــ ـــــ ــــ ـــ ـــــ ــــ ــــ ـــ ــــــ ـــ ــــ ـــــ ـــ ــــ ــــ ــــــ ـــ ـــــ ــــ ـــ ـــــ ــــ ــــ ـــ ــــــ ـــ ــــ ـــــ ـــ ــــ ــــ ــــــ ـــ ـــــ ــــ ـــ ـــــ ــــ ــــ ـــ ــــــ ـــ ــــ ـــــ ـــ ــــ ــــ ــــــ ـــ ـــــ ــــ ـــ ـــــ ــــ ــــ ـــ ــــــ
سازمان آگهی‌های روزنامه
فرهیختگان
Advertisement's Organization
تلفن: ۶۶۳۴۸۰۱۸-۶۶۳۴۸۰۴۶ (۰۲۱)
فکس: ۶۶۳۴۸۰۱۷ (۰۲۱)
تماس با ما :
ایمیل:
a66348018@gmail.com
آگهی مزایده
⬢	دانشگاه آزاد اسلامی واحد همدان
ــ ــــ ـــــ ــــ ــــــ ـــ ــــ ـــــ ـــ ــــــ ــــ ـــ ـــــ ــــ ــ ـــــ ــــ ـــ ــــــ ـــ ــــ ـــــ ـــ ــــ ــــ ــــــ ـــ ـــــ ــــ ـــ ـــــ ــــ ــــ ـــ ــــــ ـــ ــــ ـــــ ـــ ــــ ــــ ــــــ ـــ ـــــ ــــ ـــ ـــــ ــــ ــــ ـــ ــــــ ـــ ــــ ـــــ ـــ ــــ ــــ ــــــ ـــ ـــــ ــــ ـــ ـــــ ــــ ــــ ـــ ــــــ ـــ ــــ ـــــ ـــ ــــ ــــ ــــــ ـــ ـــــ ــــ ـــ ـــــ ــــ ــــ ـــ ــــــ ـــ ــــ ـــــ ـــ ــــ ــــ ــــــ ـــ ـــــ ــــ ـــ ـــــ ــــ ــــ ـــ ــــــ ـــ ــــ ـــــ ـــ ــــ ــــ ــــــ ـــ ـــــ ــــ ـــ ـــــ ــــ ــــ ـــ ــــــ ـــ ــــ ـــــ ـــ ــــ ــــ ــــــ ـــ ـــــ ــــ ـــ ـــــ ــــ ــــ ـــ ــــــ ـــ ــــ ـــــ ـــ ــــ ــــ ــــــ ـــ ـــــ ــــ ـــ ـــــ ــــ ــــ ـــ ــــــ ـــ ــــ ـــــ ـــ ــــ ــــ ــــــ ـــ ـــــ ــــ ـــ ـــــ ــــ ــــ ـــ ــــــ ـــ ــــ ـــــ ـــ ــــ ــــ ــــــ ـــ ـــــ ــــ ـــ ـــــ ــــ ــــ ـــ ــــــ ـــ ــــ ـــــ ـــ ــــ ــــ ــــــ ـــ ـــــ ــــ ـــ ـــــ ــــ ــــ ـــ ــــــ ـــ ــــ ـــــ ـــ ــــ ــــ ــــــ ـــ ـــــ ــــ ـــ ـــــ ــــ ــــ ـــ ــــــ ـــ ــــ ـــــ ـــ ــــ ــــ ــــــ ـــ ـــــ ــــ ـــ ـــــ ــــ ــــ ـــ ــــــ ـــ ــــ ـــــ ـــ ــــ ــــ ــــــ ـــ ـــــ ــــ ـــ ـــــ ــــ ــــ ـــ ــــــ ـــ ــــ ـــــ ـــ ــــ ــــ ــــــ ـــ ـــــ ــــ ـــ ـــــ ــــ ــــ ـــ ــــــ ـــ ــــ ـــــ ـــ ــــ ــــ ــــــ ـــ ـــــ ــــ ـــ ـــــ ــــ ــــ ـــ ــــــ ـــ ــــ ـــــ ـــ ــــ ــــ ــــــ ـــ ـــــ ــــ ـــ ـــــ ــــ ــــ ـــ ــــــ
روابط عمومی دانشگاه آزاد اسلامی واحد همدان
⬢	آگهی مناقصه
دانشگاه آزاد اسلامی واحد سنندج
ــ ــــ ـــــ ــــ ــــــ ـــ ــــ ـــــ ـــ ــــــ ــــ ـــ ـــــ ــــ ــ ـــــ ــــ ـــ ــــــ ـــ ــــ ـــــ ـــ ــــ ــــ ــــــ ـــ ـــــ ــــ ـــ ـــــ ــــ ــــ ـــ ــــــ ـــ ــــ ـــــ ـــ ــــ ــــ ــــــ ـــ ـــــ ــــ ـــ ـــــ ــــ ــــ ـــ ــــــ ـــ ــــ ـــــ ـــ ــــ ــــ ــــــ ـــ ـــــ ــــ ـــ ـــــ ــــ ــــ ـــ ــــــ ـــ ــــ ـــــ ـــ ــــ ــــ ــــــ ـــ ـــــ ــــ ـــ ـــــ ــــ ــــ ـــ ــــــ ـــ ــــ ـــــ ـــ ــــ ــــ ــــــ ـــ ـــــ ــــ ـــ ـــــ ــــ ــــ ـــ ــــــ ـــ ــــ ـــــ ـــ ــــ ــــ ــــــ ـــ ـــــ ــــ ـــ ـــــ ــــ ــــ ـــ ــــــ ـــ ــــ ـــــ ـــ ــــ ــــ ــــــ ـــ ـــــ ــــ ـــ ـــــ ــــ ــــ ـــ ــــــ ـــ ــــ ـــــ ـــ ــــ ــــ ــــــ ـــ ـــــ ــــ ـــ ـــــ ــــ ــــ ـــ ــــــ ـــ ــــ ـــــ ـــ ــــ ــــ ــــــ ـــ ـــــ ــــ ـــ ـــــ ــــ ــــ ـــ ــــــ ـــ ــــ ـــــ ـــ ــــ ــــ ــــــ ـــ ـــــ ــــ ـــ ـــــ ــــ ــــ ـــ ــــــ ـــ ــــ ـــــ ـــ ــــ ــــ ــــــ ـــ ـــــ ــــ ـــ ـــــ ــــ ــــ ـــ ــــــ ـــ ــــ ـــــ ـــ ــــ ــــ ــــــ ـــ ـــــ ــــ ـــ ـــــ ــــ ــــ ـــ ــــــ ـــ ــــ ـــــ ـــ ــــ ــــ ــــــ ـــ ـــــ ــــ ـــ ـــــ ــــ ــــ ـــ ــــــ ـــ ــــ ـــــ ـــ ــــ ــــ ــــــ ـــ ـــــ ــــ ـــ ـــــ ــــ ــــ ـــ ــــــ ـــ ــــ ـــــ ـــ ــــ ــــ ــــــ ـــ ـــــ ــــ ـــ ـــــ ــــ ــــ ـــ ــــــ ـــ ــــ ـــــ ـــ ــــ ــــ ــــــ ـــ ـــــ ــــ ـــ ـــــ ــــ ــــ ـــ ــــــ ـــ ــــ ـــــ ـــ ــــ ــــ ــــــ ـــ ـــــ ــــ ـــ ـــــ ــــ ــــ ـــ ــــــ
روابط عمومی دانشگاه آزاد اسلامی استان کردستان
پروانه مسئول فنی (واحد آزمایشگاه) آقای دکتر مهدی افتخاری فرزند به کد ملی ۸۷۱۷۲ ۱۳۸۹ تخصص آسیب‌شناسی بالینی و تشریحی به شماره ۱۲۷/۸/۱۵۰ مفقود گردیده و از درجه اعتبار ساقط می‌باشد.
ــ ــــ ـــــ ــــ ــــــ ـــ ــــ ـــــ ـــ ــــــ ــــ ـــ ـــــ ــــ ــ ـــــ ــــ ـــ ــــــ ـــ ــــ ـــــ ـــ ــــ ــــ ــــــ ـــ ـــــ ــــ ـــ ـــــ ــــ ــــ ـــ ــــــ ـــ ــــ ـــــ ـــ ــــ ــــ ــــــ ـــ ـــــ ــــ ـــ ـــــ ــــ ــــ ـــ ــــــ ـــ ــــ ـــــ ـــ ــــ ــــ ــــــ ـــ ـــــ ــــ ـــ ـــــ ــــ ــــ ـــ ــــــ ـــ ــــ ـــــ ـــ ــــ ــــ ــــــ ـــ ـــــ ــــ ـــ ـــــ ــــ ــــ ـــ ــــــ ـــ ــــ ـــــ ـــ ــــ ــــ ــــــ ـــ ـــــ ــــ ـــ ـــــ ــــ ــــ ـــ ــــــ ـــ ــــ ـــــ ـــ ــــ ــــ ــــــ ـــ ـــــ ــــ ـــ ـــــ ــــ ــــ ـــ ــــــ ـــ ــــ ـــــ ـــ ــــ ــــ ــــــ ـــ ـــــ ــــ ـــ ـــــ ــــ ــــ ـــ ــــــ ـــ ــــ ـــــ ـــ ــــ ــــ ــــــ ـــ ـــــ ــــ ـــ ـــــ ــــ ــــ ـــ ــــــ ـــ ــــ ـــــ ـــ ــــ ــــ ــــــ ـــ ـــــ ــــ ـــ ـــــ ــــ ــــ ـــ ــــــ ـــ ــــ ـــــ ـــ ــــ ــــ ــــــ ـــ ـــــ ــــ ـــ ـــــ ــــ ــــ ـــ ــــــ ـــ ــــ ـــــ ـــ ــــ ــــ ــــــ ـــ ـــــ ــــ ـــ ـــــ ــــ ــــ ـــ ــــــ ـــ ــــ ـــــ ـــ ــــ ــــ ــــــ ـــ ـــــ ــــ ـــ ـــــ ــــ ــــ ـــ ــــــ ـــ ــــ ـــــ ـــ ــــ ــــ ــــــ ـــ ـــــ ــــ ـــ ـــــ ــــ ــــ ـــ ــــــ ـــ ــــ ـــــ ـــ ــــ ــــ ــــــ ـــ ـــــ ــــ ـــ ـــــ ــــ ــــ ـــ ــــــ ـــ ــــ ـــــ ـــ ــــ ــــ ــــــ ـــ ـــــ ــــ ـــ ـــــ ــــ ــــ ـــ ــــــ ـــ ــــ ـــــ ـــ ــــ ــــ ــــــ ـــ ـــــ ــــ ـــ ـــــ ــــ ــــ ـــ ــــــ ـــ ــــ ـــــ ـــ ــــ ــــ ــــــ ـــ ـــــ ــــ ـــ ـــــ ــــ ــــ ـــ ــــــ
ــ ــــ ـــــ ــــ ــــــ ـــ ــــ ـــــ ـــ ــــــ ــــ ـــ ـــــ ــــ ــ ـــــ ــــ ـــ ــــــ ـــ ــــ ـــــ ـــ ــــ ــــ ــــــ ـــ ـــــ ــــ ـــ ـــــ ــــ ــــ ـــ ــــــ ـــ ــــ ـــــ ـــ ــــ ــــ ــــــ ـــ ـــــ ــــ ـــ ـــــ ــــ ــــ ـــ ــــــ ـــ ــــ ـــــ ـــ ــــ ــــ ــــــ ـــ ـــــ ــــ ـــ ـــــ ــــ ــــ ـــ ــــــ ـــ ــــ ـــــ ـــ ــــ ــــ ــــــ ـــ ـــــ ــــ ـــ ـــــ ــــ ــــ ـــ ــــــ ـــ ــــ ـــــ ـــ ــــ ــــ ــــــ ـــ ـــــ ــــ ـــ ـــــ ــــ ــــ ـــ ــــــ ـــ ــــ ـــــ ـــ ــــ ــــ ــــــ ـــ ـــــ ــــ ـــ ـــــ ــــ ــــ ـــ ــــــ ـــ ــــ ـــــ ـــ ــــ ــــ ــــــ ـــ ـــــ ــــ ـــ ـــــ ــــ ــــ ـــ ــــــ ـــ ــــ ـــــ ـــ ــــ ــــ ــــــ ـــ ـــــ ــــ ـــ ـــــ ــــ ــــ ـــ ــــــ ـــ ــــ ـــــ ـــ ــــ ــــ ــــــ ـــ ـــــ ــــ ـــ ـــــ ــــ ــــ ـــ ــــــ ـــ ــــ ـــــ ـــ ــــ ــــ ــــــ ـــ ـــــ ــــ ـــ ـــــ ــــ ــــ ـــ ــــــ ـــ ــــ ـــــ ـــ ــــ ــــ ــــــ ـــ ـــــ ــــ ـــ ـــــ ــــ ــــ ـــ ــــــ ـــ ــــ ـــــ ـــ ــــ ــــ ــــــ ـــ ـــــ ــــ ـــ ـــــ ــــ ــــ ـــ ــــــ ـــ ــــ ـــــ ـــ ــــ ــــ ــــــ ـــ ـــــ ــــ ـــ ـــــ ــــ ــــ ـــ ــــــ ـــ ــــ ـــــ ـــ ــــ ــــ ــــــ ـــ ـــــ ــــ ـــ ـــــ ــــ ــــ ـــ ــــــ ـــ ــــ ـــــ ـــ ــــ ــــ ــــــ ـــ ـــــ ــــ ـــ ـــــ ــــ ــــ ـــ ــــــ ـــ ــــ ـــــ ـــ ــــ ــــ ــــــ ـــ ـــــ ــــ ـــ ـــــ ــــ ــــ ـــ ــــــ ـــ ــــ ـــــ ـــ ــــ ــــ ــــــ ـــ ـــــ ــــ ـــ ـــــ ــــ ــــ ـــ ــــــ
ــ ــــ ـــــ ــــ ــــــ ـــ ــــ ـــــ ـــ ــــــ ــــ ـــ ـــــ ــــ ــ ـــــ ــــ ـــ ــــــ ـــ ــــ ـــــ ـــ ــــ ــــ ــــــ ـــ ـــــ ــــ ـــ ـــــ ــــ ــــ ـــ ــــــ ـــ ــــ ـــــ ـــ ــــ ــــ ــــــ ـــ ـــــ ــــ ـــ ـــــ ــــ ــــ ـــ ــــــ ـــ ــــ ـــــ ـــ ــــ ــــ ــــــ ـــ ـــــ ــــ ـــ ـــــ ــــ ــــ ـــ ــــــ ـــ ــــ ـــــ ـــ ــــ ــــ ــــــ ـــ ـــــ ــــ ـــ ـــــ ــــ ــــ ـــ ــــــ ـــ ــــ ـــــ ـــ ــــ ــــ ــــــ ـــ ـــــ ــــ ـــ ـــــ ــــ ــــ ـــ ــــــ ـــ ــــ ـــــ ـــ ــــ ــــ ــــــ ـــ ـــــ ــــ ـــ ـــــ ــــ ــــ ـــ ــــــ ـــ ــــ ـــــ ـــ ــــ ــــ ــــــ ـــ ـــــ ــــ ـــ ـــــ ــــ ــــ ـــ ــــــ ـــ ــــ ـــــ ـــ ــــ ــــ ــــــ ـــ ـــــ ــــ ـــ ـــــ ــــ ــــ ـــ ــــــ ـــ ــــ ـــــ ـــ ــــ ــــ ــــــ ـــ ـــــ ــــ ـــ ـــــ ــــ ــــ ـــ ــــــ ـــ ــــ ـــــ ـــ ــــ ــــ ــــــ ـــ ـــــ ــــ ـــ ـــــ ــــ ــــ ـــ ــــــ ـــ ــــ ـــــ ـــ ــــ ــــ ــــــ ـــ ـــــ ــــ ـــ ـــــ ــــ ــــ ـــ ــــــ ـــ ــــ ـــــ ـــ ــــ ــــ ــــــ ـــ ـــــ ــــ ـــ ـــــ ــــ ــــ ـــ ــــــ ـــ ــــ ـــــ ـــ ــــ ــــ ــــــ ـــ ـــــ ــــ ـــ ـــــ ــــ ــــ ـــ ــــــ ـــ ــــ ـــــ ـــ ــــ ــــ ــــــ ـــ ـــــ ــــ ـــ ـــــ ــــ ــــ ـــ ــــــ ـــ ــــ ـــــ ـــ ــــ ــــ ــــــ ـــ ـــــ ــــ ـــ ـــــ ــــ ــــ ـــ ــــــ ـــ ــــ ـــــ ـــ ــــ ــــ ــــــ ـــ ـــــ ــــ ـــ ـــــ ــــ ــــ ـــ ــــــ ـــ ــــ ـــــ ـــ ــــ ــــ ــــــ ـــ ـــــ ــــ ـــ ـــــ ــــ ــــ ـــ ــــــ
ــ ــــ ـــــ ــــ ــــــ ـــ ــــ ـــــ ـــ ــــــ ــــ ـــ ـــــ ــــ ــ ـــــ ــــ ـــ ــــــ ـــ ــــ ـــــ ـــ ــــ ــــ ــــــ ـــ ـــــ ــــ ـــ ـــــ ــــ ــــ ـــ ــــــ ـــ ــــ ـــــ ـــ ــــ ــــ ــــــ ـــ ـــــ ــــ ـــ ـــــ ــــ ــــ ـــ ــــــ ـــ ــــ ـــــ ـــ ــــ ــــ ــــــ ـــ ـــــ ــــ ـــ ـــــ ــــ ــــ ـــ ــــــ ـــ ــــ ـــــ ـــ ــــ ــــ ــــــ ـــ ـــــ ــــ ـــ ـــــ ــــ ــــ ـــ ــــــ ـــ ــــ ـــــ ـــ ــــ ــــ ــــــ ـــ ـــــ ــــ ـــ ـــــ ــــ ــــ ـــ ــــــ ـــ ــــ ـــــ ـــ ــــ ــــ ــــــ ـــ ـــــ ــــ ـــ ـــــ ــــ ــــ ـــ ــــــ ـــ ــــ ـــــ ـــ ــــ ــــ ــــــ ـــ ـــــ ــــ ـــ ـــــ ــــ ــــ ـــ ــــــ ـــ ــــ ـــــ ـــ ــــ ــــ ــــــ ـــ ـــــ ــــ ـــ ـــــ ــــ ــــ ـــ ــــــ ـــ ــــ ـــــ ـــ ــــ ــــ ــــــ ـــ ـــــ ــــ ـــ ـــــ ــــ ــــ ـــ ــــــ ـــ ــــ ـــــ ـــ ــــ ــــ ــــــ ـــ ـــــ ــــ ـــ ـــــ ــــ ــــ ـــ ــــــ ـــ ــــ ـــــ ـــ ــــ ــــ ــــــ ـــ ـــــ ــــ ـــ ـــــ ــــ ــــ ـــ ــــــ ـــ ــــ ـــــ ـــ ــــ ــــ ــــــ ـــ ـــــ ــــ ـــ ـــــ ــــ ــــ ـــ ــــــ ـــ ــــ ـــــ ـــ ــــ ــــ ــــــ ـــ ـــــ ــــ ـــ ـــــ ــــ ــــ ـــ ــــــ ـــ ــــ ـــــ ـــ ــــ ــــ ــــــ ـــ ـــــ ــــ ـــ ـــــ ــــ ــــ ـــ ــــــ ـــ ــــ ـــــ ـــ ــــ ــــ ــــــ ـــ ـــــ ــــ ـــ ـــــ ــــ ــــ ـــ ــــــ ـــ ــــ ـــــ ـــ ــــ ــــ ــــــ ـــ ـــــ ــــ ـــ ـــــ ــــ ــــ ـــ ــــــ ـــ ــــ ـــــ ـــ ــــ ــــ ــــــ ـــ ـــــ ــــ ـــ ـــــ ــــ ــــ ـــ ــــــ
✦✦✦
♣	آگهی حراج حضوری شماره ۱-۹۸
سازمان سیما، منظر و فضای سبز شهری شهرداری کرج در نظر دارد اقلام ذیل را مطابق با جدول ذیل از طریق فراخوان و حراج حضوری به اشخاص حقیقی و حقوقی به فروش برساند:
ردیف	موضوع حراج	میزان تناژ اولیه (تن)	مبلغ سپرده به (ریال)
۱	فروش آهن‌آلات ضایعاتی	۱۹	۵۰/۰۰۰/۰۰۰
ــ ــــ ـــــ ــــ ــــــ ـــ ــــ ـــــ ـــ ــــــ ــــ ـــ ـــــ ــــ ــ ـــــ ــــ ـــ ــــــ ـــ ــــ ـــــ ـــ ــــ ــــ ــــــ ـــ ـــــ ــــ ـــ ـــــ ــــ ــــ ـــ ــــــ ـــ ــــ ـــــ ـــ ــــ ــــ ــــــ ـــ ـــــ ــــ ـــ ـــــ ــــ ــــ ـــ ــــــ ـــ ــــ ـــــ ـــ ــــ ــــ ــــــ ـــ ـــــ ــــ ـــ ـــــ ــــ ــــ ـــ ــــــ ـــ ــــ ـــــ ـــ ــــ ــــ ــــــ ـــ ـــــ ــــ ـــ ـــــ ــــ ــــ ـــ ــــــ ـــ ــــ ـــــ ـــ ــــ ــــ ــــــ ـــ ـــــ ــــ ـــ ـــــ ــــ ــــ ـــ ــــــ ـــ ــــ ـــــ ـــ ــــ ــــ ــــــ ـــ ـــــ ــــ ـــ ـــــ ــــ ــــ ـــ ــــــ ـــ ــــ ـــــ ـــ ــــ ــــ ــــــ ـــ ـــــ ــــ ـــ ـــــ ــــ ــــ ـــ ــــــ ـــ ــــ ـــــ ـــ ــــ ــــ ــــــ ـــ ـــــ ــــ ـــ ـــــ ــــ ــــ ـــ ــــــ ـــ ــــ ـــــ ـــ ــــ ــــ ــــــ ـــ ـــــ ــــ ـــ ـــــ ــــ ــــ ـــ ــــــ ـــ ــــ ـــــ ـــ ــــ ــــ ــــــ ـــ ـــــ ــــ ـــ ـــــ ــــ ــــ ـــ ــــــ ـــ ــــ ـــــ ـــ ــــ ــــ ــــــ ـــ ـــــ ــــ ـــ ـــــ ــــ ــــ ـــ ــــــ ـــ ــــ ـــــ ـــ ــــ ــــ ــــــ ـــ ـــــ ــــ ـــ ـــــ ــــ ــــ ـــ ــــــ ـــ ــــ ـــــ ـــ ــــ ــــ ــــــ ـــ ـــــ ــــ ـــ ـــــ ــــ ــــ ـــ ــــــ ـــ ــــ ـــــ ـــ ــــ ــــ ــــــ ـــ ـــــ ــــ ـــ ـــــ ــــ ــــ ـــ ــــــ ـــ ــــ ـــــ ـــ ــــ ــــ ــــــ ـــ ـــــ ــــ ـــ ـــــ ــــ ــــ ـــ ــــــ ـــ ــــ ـــــ ـــ ــــ ــــ ــــــ ـــ ـــــ ــــ ـــ ـــــ ــــ ــــ ـــ ــــــ ـــ ــــ ـــــ ـــ ــــ ــــ ــــــ ـــ ـــــ ــــ ـــ ـــــ ــــ ــــ ـــ ــــــ
کارپردازی و روابط عمومی سازمان سیما، منظر و فضای سبز شهری شهرداری کرج
نوبت اول
⬢	آگهی مناقصه عمومی
تاریخ آگهی : ۱۳۹۸/۶/۱۰
دانشگاه علوم پزشکی آزاد اسلامی تهران
ــ ــــ ـــــ ــــ ــــــ ـــ ــــ ـــــ ـــ ــــــ ــــ ـــ ـــــ ــــ ــ ـــــ ــــ ـــ ــــــ ـــ ــــ ـــــ ـــ ــــ ــــ ــــــ ـــ ـــــ ــــ ـــ ـــــ ــــ ــــ ـــ ــــــ ـــ ــــ ـــــ ـــ ــــ ــــ ــــــ ـــ ـــــ ــــ ـــ ـــــ ــــ ــــ ـــ ــــــ ـــ ــــ ـــــ ـــ ــــ ــــ ــــــ ـــ ـــــ ــــ ـــ ـــــ ــــ ــــ ـــ ــــــ ـــ ــــ ـــــ ـــ ــــ ــــ ــــــ ـــ ـــــ ــــ ـــ ـــــ ــــ ــــ ـــ ــــــ ـــ ــــ ـــــ ـــ ــــ ــــ ــــــ ـــ ـــــ ــــ ـــ ـــــ ــــ ــــ ـــ ــــــ ـــ ــــ ـــــ ـــ ــــ ــــ ــــــ ـــ ـــــ ــــ ـــ ـــــ ــــ ــــ ـــ ــــــ ـــ ــــ ـــــ ـــ ــــ ــــ ــــــ ـــ ـــــ ــــ ـــ ـــــ ــــ ــــ ـــ ــــــ ـــ ــــ ـــــ ـــ ــــ ــــ ــــــ ـــ ـــــ ــــ ـــ ـــــ ــــ ــــ ـــ ــــــ ـــ ــــ ـــــ ـــ ــــ ــــ ــــــ ـــ ـــــ ــــ ـــ ـــــ ــــ ــــ ـــ ــــــ ـــ ــــ ـــــ ـــ ــــ ــــ ــــــ ـــ ـــــ ــــ ـــ ـــــ ــــ ــــ ـــ ــــــ ـــ ــــ ـــــ ـــ ــــ ــــ ــــــ ـــ ـــــ ــــ ـــ ـــــ ــــ ــــ ـــ ــــــ ـــ ــــ ـــــ ـــ ــــ ــــ ــــــ ـــ ـــــ ــــ ـــ ـــــ ــــ ــــ ـــ ــــــ ـــ ــــ ـــــ ـــ ــــ ــــ ــــــ ـــ ـــــ ــــ ـــ ـــــ ــــ ــــ ـــ ــــــ ـــ ــــ ـــــ ـــ ــــ ــــ ــــــ ـــ ـــــ ــــ ـــ ـــــ ــــ ــــ ـــ ــــــ ـــ ــــ ـــــ ـــ ــــ ــــ ــــــ ـــ ـــــ ــــ ـــ ـــــ ــــ ــــ ـــ ــــــ ـــ ــــ ـــــ ـــ ــــ ــــ ــــــ ـــ ـــــ ــــ ـــ ـــــ ــــ ــــ ـــ ــــــ ـــ ــــ ـــــ ـــ ــــ ــــ ــــــ ـــ ـــــ ــــ ـــ ـــــ ــــ ــــ ـــ ــــــ
دبیرخانه کمیسیون معاملات دانشگاه علوم پزشکی آزاد اسلامی تهران
نوبت دوم
⬢	آگهی مناقصه
دانشگاه آزاد اسلامی واحد آبادان
ــ ــــ ـــــ ــــ ــــــ ـــ ــــ ـــــ ـــ ــــــ ــــ ـــ ـــــ ــــ ــ ـــــ ــــ ـــ ــــــ ـــ ــــ ـــــ ـــ ــــ ــــ ــــــ ـــ ـــــ ــــ ـــ ـــــ ــــ ــــ ـــ ــــــ ـــ ــــ ـــــ ـــ ــــ ــــ ــــــ ـــ ـــــ ــــ ـــ ـــــ ــــ ــــ ـــ ــــــ ـــ ــــ ـــــ ـــ ــــ ــــ ــــــ ـــ ـــــ ــــ ـــ ـــــ ــــ ــــ ـــ ــــــ ـــ ــــ ـــــ ـــ ــــ ــــ ــــــ ـــ ـــــ ــــ ـــ ـــــ ــــ ــــ ـــ ــــــ ـــ ــــ ـــــ ـــ ــــ ــــ ــــــ ـــ ـــــ ــــ ـــ ـــــ ــــ ــــ ـــ ــــــ ـــ ــــ ـــــ ـــ ــــ ــــ ــــــ ـــ ـــــ ــــ ـــ ـــــ ــــ ــــ ـــ ــــــ ـــ ــــ ـــــ ـــ ــــ ــــ ــــــ ـــ ـــــ ــــ ـــ ـــــ ــــ ــــ ـــ ــــــ ـــ ــــ ـــــ ـــ ــــ ــــ ــــــ ـــ ـــــ ــــ ـــ ـــــ ــــ ــــ ـــ ــــــ ـــ ــــ ـــــ ـــ ــــ ــــ ــــــ ـــ ـــــ ــــ ـــ ـــــ ــــ ــــ ـــ ــــــ ـــ ــــ ـــــ ـــ ــــ ــــ ــــــ ـــ ـــــ ــــ ـــ ـــــ ــــ ــــ ـــ ــــــ ـــ ــــ ـــــ ـــ ــــ ــــ ــــــ ـــ ـــــ ــــ ـــ ـــــ ــــ ــــ ـــ ــــــ ـــ ــــ ـــــ ـــ ــــ ــــ ــــــ ـــ ـــــ ــــ ـــ ـــــ ــــ ــــ ـــ ــــــ ـــ ــــ ـــــ ـــ ــــ ــــ ــــــ ـــ ـــــ ــــ ـــ ـــــ ــــ ــــ ـــ ــــــ ـــ ــــ ـــــ ـــ ــــ ــــ ــــــ ـــ ـــــ ــــ ـــ ـــــ ــــ ــــ ـــ ــــــ ـــ ــــ ـــــ ـــ ــــ ــــ ــــــ ـــ ـــــ ــــ ـــ ـــــ ــــ ــــ ـــ ــــــ ـــ ــــ ـــــ ـــ ــــ ــــ ــــــ ـــ ـــــ ــــ ـــ ـــــ ــــ ــــ ـــ ــــــ ـــ ــــ ـــــ ـــ ــــ ــــ ــــــ ـــ ـــــ ــــ ـــ ـــــ ــــ ــــ ـــ ــــــ
روابط عمومی دانشگاه آزاد اسلامی واحد آبادان
